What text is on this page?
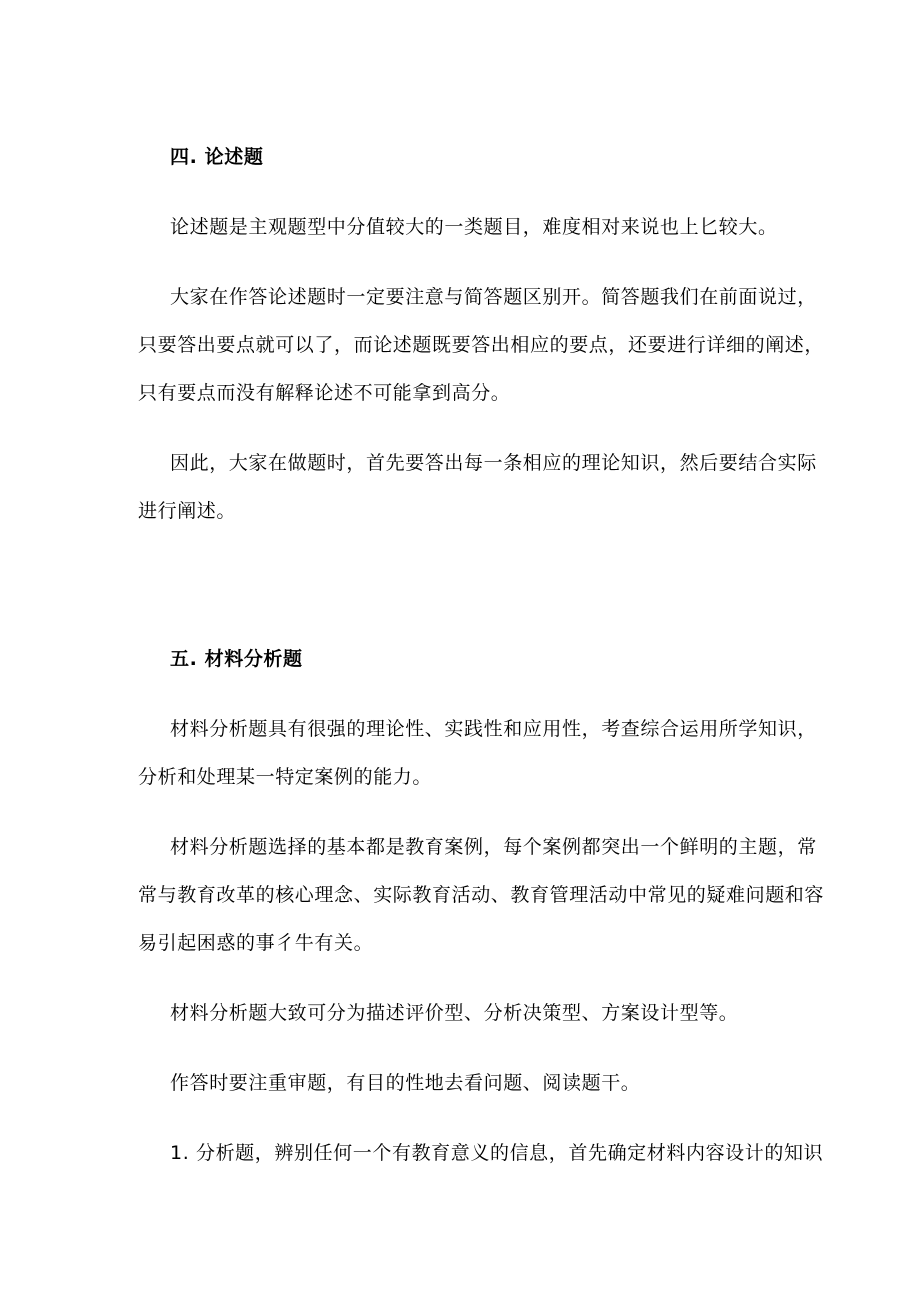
四. 论述题
论述题是主观题型中分值较大的一类题目，难度相对来说也上匕较大。
大家在作答论述题时一定要注意与简答题区别开。简答题我们在前面说过，
只要答出要点就可以了，而论述题既要答出相应的要点，还要进行详细的阐述，
只有要点而没有解释论述不可能拿到高分。
因此，大家在做题时，首先要答出每一条相应的理论知识，然后要结合实际
进行阐述。
五. 材料分析题
材料分析题具有很强的理论性、实践性和应用性，考查综合运用所学知识，
分析和处理某一特定案例的能力。
材料分析题选择的基本都是教育案例，每个案例都突出一个鲜明的主题，常
常与教育改革的核心理念、实际教育活动、教育管理活动中常见的疑难问题和容
易引起困惑的事彳牛有关。
材料分析题大致可分为描述评价型、分析决策型、方案设计型等。
作答时要注重审题，有目的性地去看问题、阅读题干。
1. 分析题，辨别任何一个有教育意义的信息，首先确定材料内容设计的知识
